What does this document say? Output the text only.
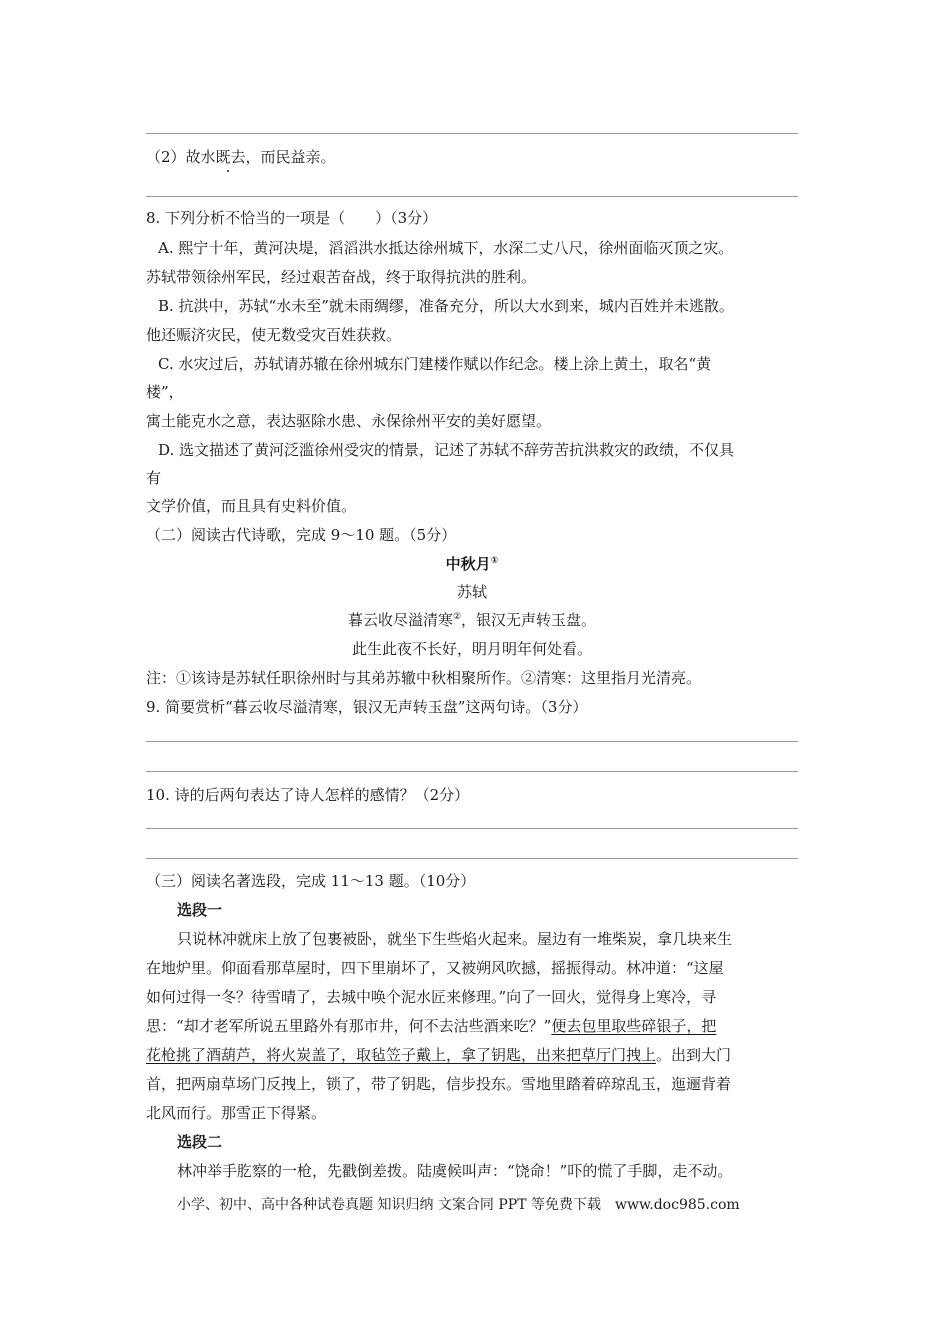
（2）故水既去，而民益亲。
8. 下列分析不恰当的一项是（　　）（3分）
A. 熙宁十年，黄河决堤，滔滔洪水抵达徐州城下，水深二丈八尺，徐州面临灭顶之灾。
苏轼带领徐州军民，经过艰苦奋战，终于取得抗洪的胜利。
B. 抗洪中，苏轼“水未至”就未雨绸缪，准备充分，所以大水到来，城内百姓并未逃散。
他还赈济灾民，使无数受灾百姓获救。
C. 水灾过后，苏轼请苏辙在徐州城东门建楼作赋以作纪念。楼上涂上黄土，取名“黄
楼”，
寓土能克水之意，表达驱除水患、永保徐州平安的美好愿望。
D. 选文描述了黄河泛滥徐州受灾的情景，记述了苏轼不辞劳苦抗洪救灾的政绩，不仅具
有
文学价值，而且具有史料价值。
（二）阅读古代诗歌，完成 9～10 题。（5分）
中秋月①
苏轼
暮云收尽溢清寒②，银汉无声转玉盘。
此生此夜不长好，明月明年何处看。
注：①该诗是苏轼任职徐州时与其弟苏辙中秋相聚所作。②清寒：这里指月光清亮。
9. 简要赏析“暮云收尽溢清寒，银汉无声转玉盘”这两句诗。（3分）
10. 诗的后两句表达了诗人怎样的感情？（2分）
（三）阅读名著选段，完成 11～13 题。（10分）
选段一
只说林冲就床上放了包裹被卧，就坐下生些焰火起来。屋边有一堆柴炭，拿几块来生
在地炉里。仰面看那草屋时，四下里崩坏了，又被朔风吹撼，摇振得动。林冲道：“这屋
如何过得一冬？待雪晴了，去城中唤个泥水匠来修理。”向了一回火，觉得身上寒冷，寻
思：“却才老军所说五里路外有那市井，何不去沽些酒来吃？”便去包里取些碎银子，把
花枪挑了酒葫芦，将火炭盖了，取毡笠子戴上，拿了钥匙，出来把草厅门拽上。出到大门
首，把两扇草场门反拽上，锁了，带了钥匙，信步投东。雪地里踏着碎琼乱玉，迤逦背着
北风而行。那雪正下得紧。
选段二
林冲举手肐察的一枪，先戳倒差拨。陆虞候叫声：“饶命！”吓的慌了手脚，走不动。
小学、初中、高中各种试卷真题 知识归纳 文案合同 PPT 等免费下载　www.doc985.com
